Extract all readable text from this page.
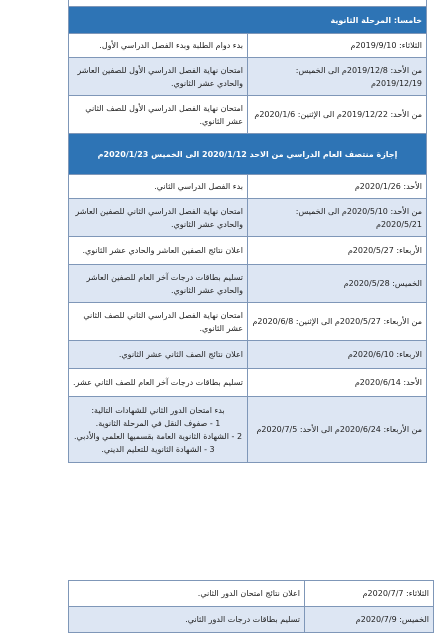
خامسا: المرحلة الثانوية	
الثلاثاء: 2019/9/10م	بدء دوام الطلبة وبدء الفصل الدراسي الأول.
من الأحد: 2019/12/8م الى الخميس: 2019/12/19م	امتحان نهاية الفصل الدراسي الأول للصفين العاشر والحادي عشر الثانوي.
من الأحد: 2019/12/22م الى الإثنين: 2020/1/6م	امتحان نهاية الفصل الدراسي الأول للصف الثاني عشر الثانوي.
إجازة منتصف العام الدراسي من الاحد 2020/1/12 الى الخميس 2020/1/23م	
الأحد: 2020/1/26م	بدء الفصل الدراسي الثاني.
من الأحد: 2020/5/10م الى الخميس: 2020/5/21م	امتحان نهاية الفصل الدراسي الثاني للصفين العاشر والحادي عشر الثانوي.
الأربعاء: 2020/5/27م	اعلان نتائج الصفين العاشر والحادي عشر الثانوي.
الخميس: 2020/5/28م	تسليم بطاقات درجات آخر العام للصفين العاشر والحادي عشر الثانوي.
من الأربعاء: 2020/5/27م الى الإثنين: 2020/6/8م	امتحان نهاية الفصل الدراسي الثاني للصف الثاني عشر الثانوي.
الاربعاء: 2020/6/10م	اعلان نتائج الصف الثاني عشر الثانوي.
الأحد: 2020/6/14م	تسليم بطاقات درجات آخر العام للصف الثاني عشر.
من الأربعاء: 2020/6/24م الى الأحد: 2020/7/5م	بدء امتحان الدور الثاني للشهادات التالية:
1 - صفوف النقل في المرحلة الثانوية.
2 - الشهادة الثانوية العامة بقسميها العلمي والأدبي.
3 - الشهادة الثانوية للتعليم الديني.
الثلاثاء: 2020/7/7م	اعلان نتائج امتحان الدور الثاني.
الخميس: 2020/7/9م	تسليم بطاقات درجات الدور الثاني.
